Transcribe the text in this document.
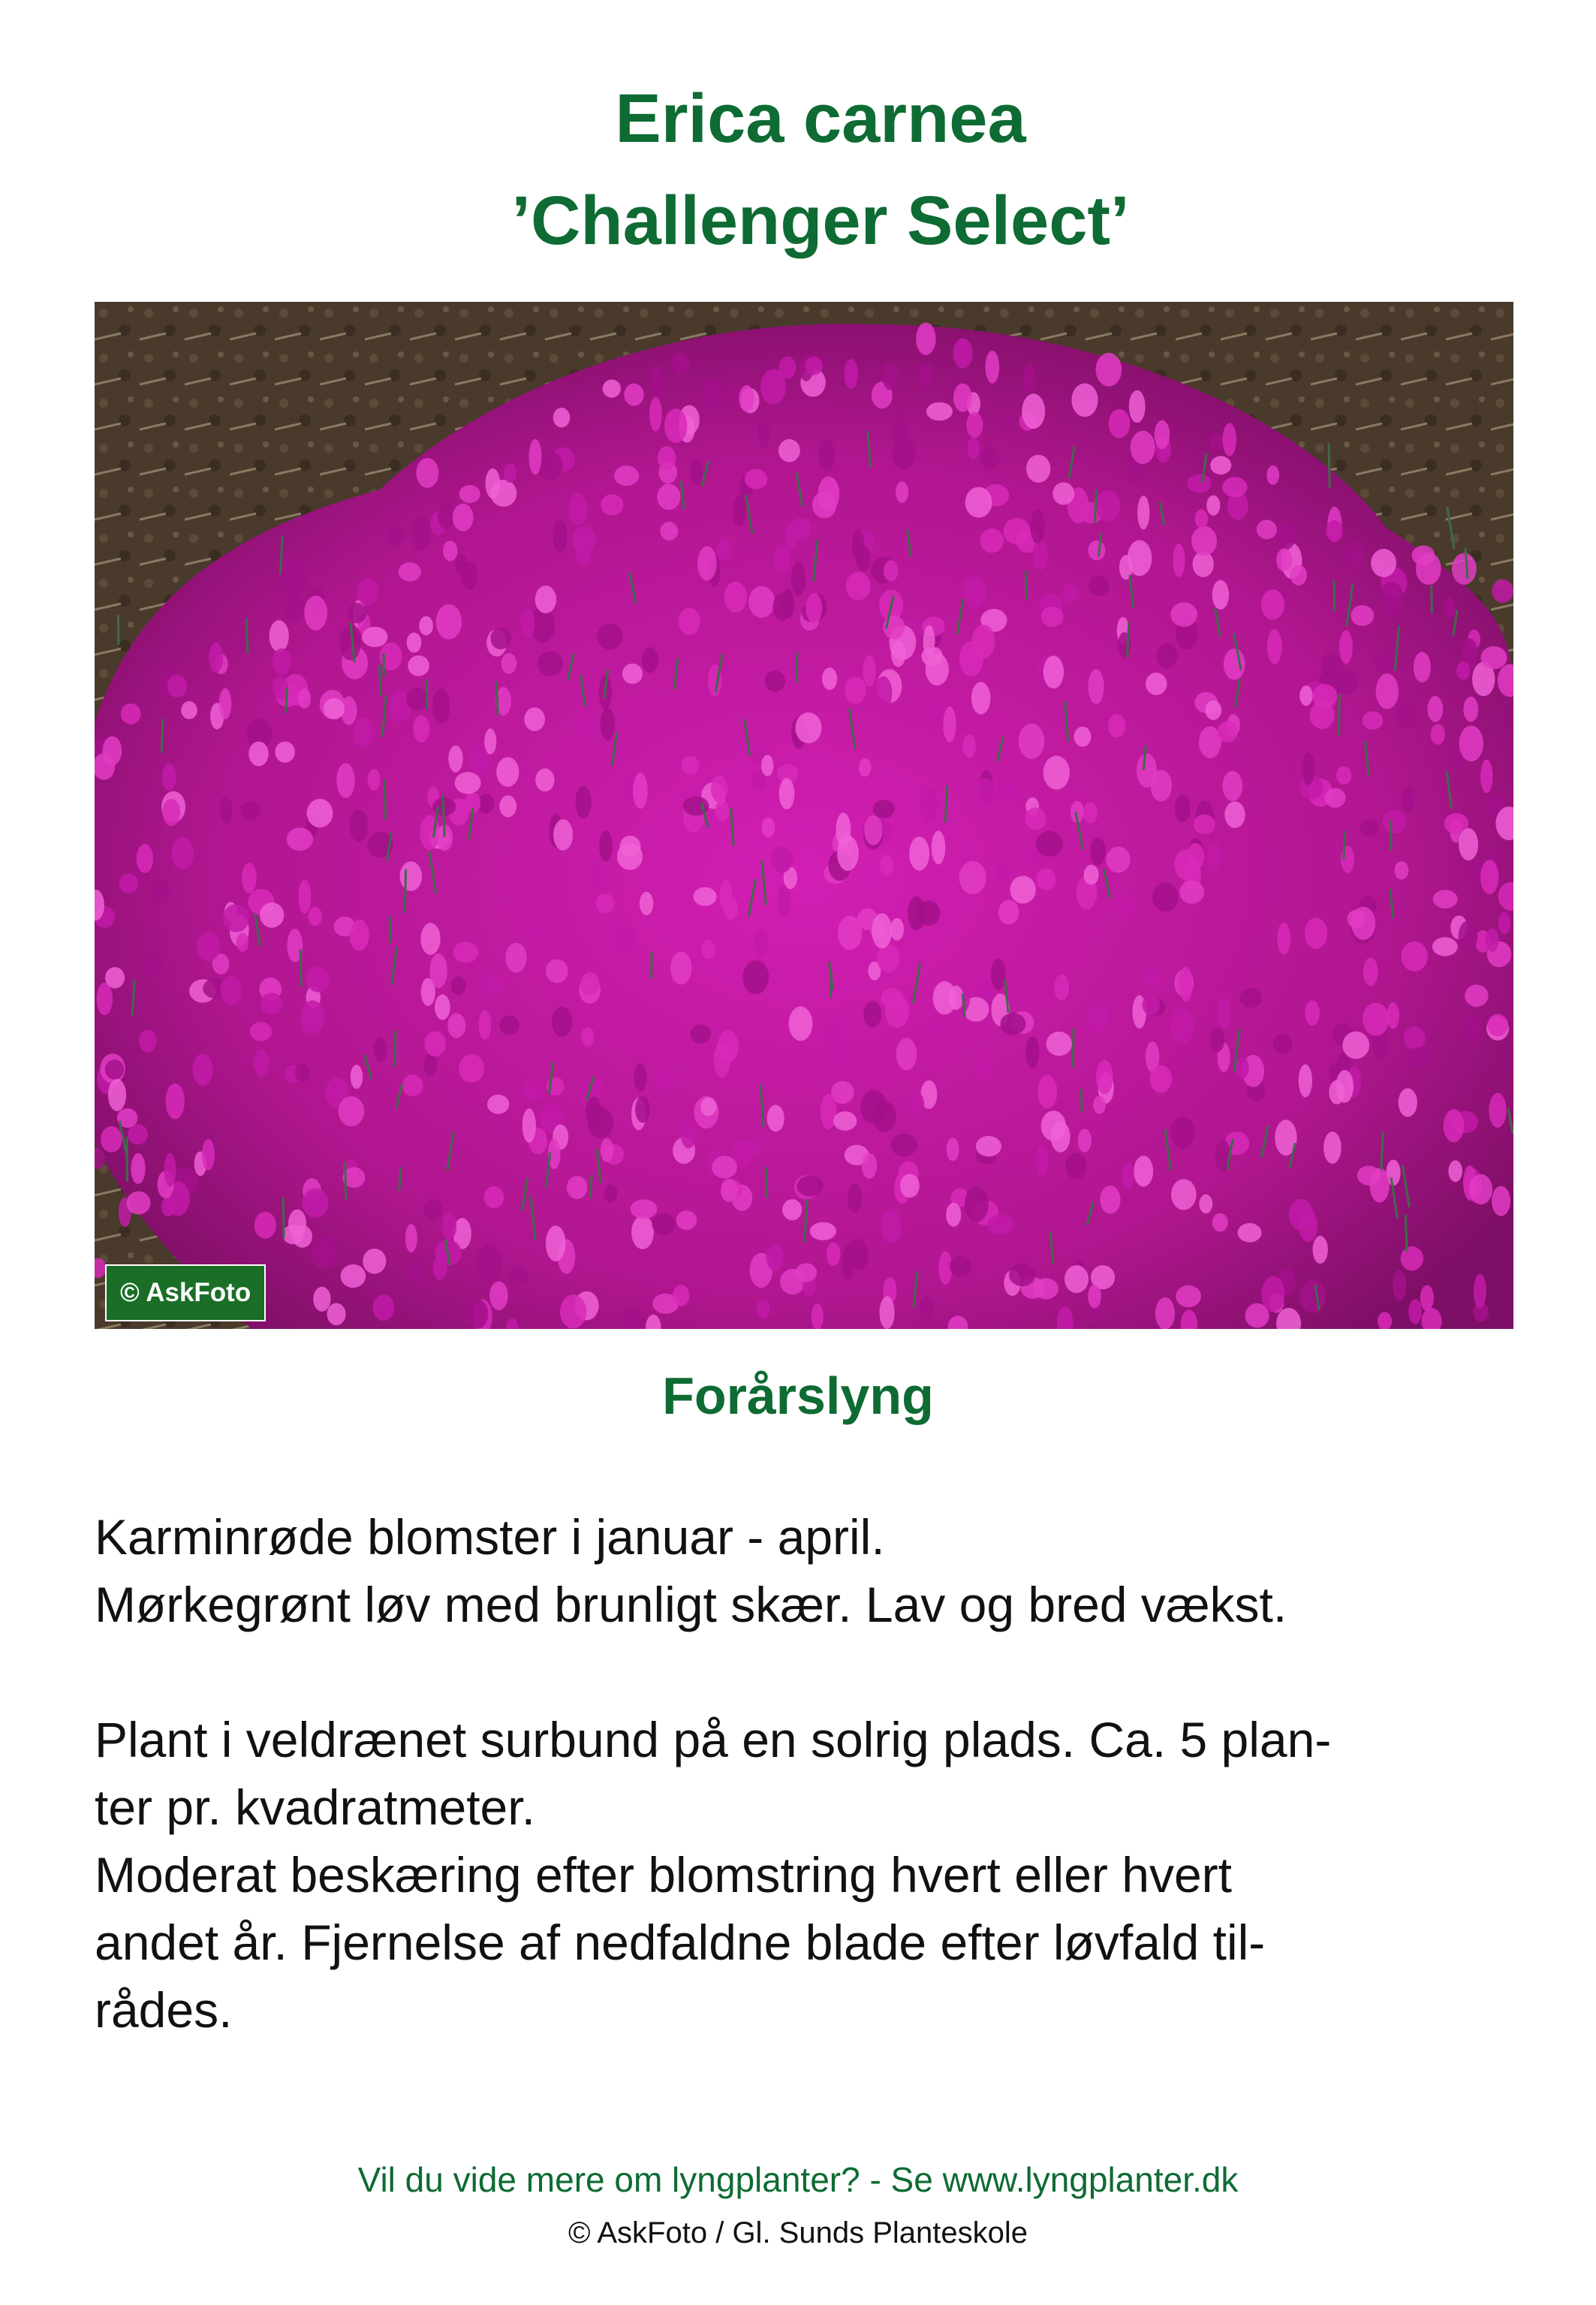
Erica carnea
’Challenger Select’
© AskFoto
Forårslyng
Karminrøde blomster i januar - april.
Mørkegrønt løv med brunligt skær. Lav og bred vækst.
Plant i veldrænet surbund på en solrig plads. Ca. 5 plan-
ter pr. kvadratmeter.
Moderat beskæring efter blomstring hvert eller hvert
andet år. Fjernelse af nedfaldne blade efter løvfald til-
rådes.
Vil du vide mere om lyngplanter? - Se www.lyngplanter.dk
© AskFoto / Gl. Sunds Planteskole
